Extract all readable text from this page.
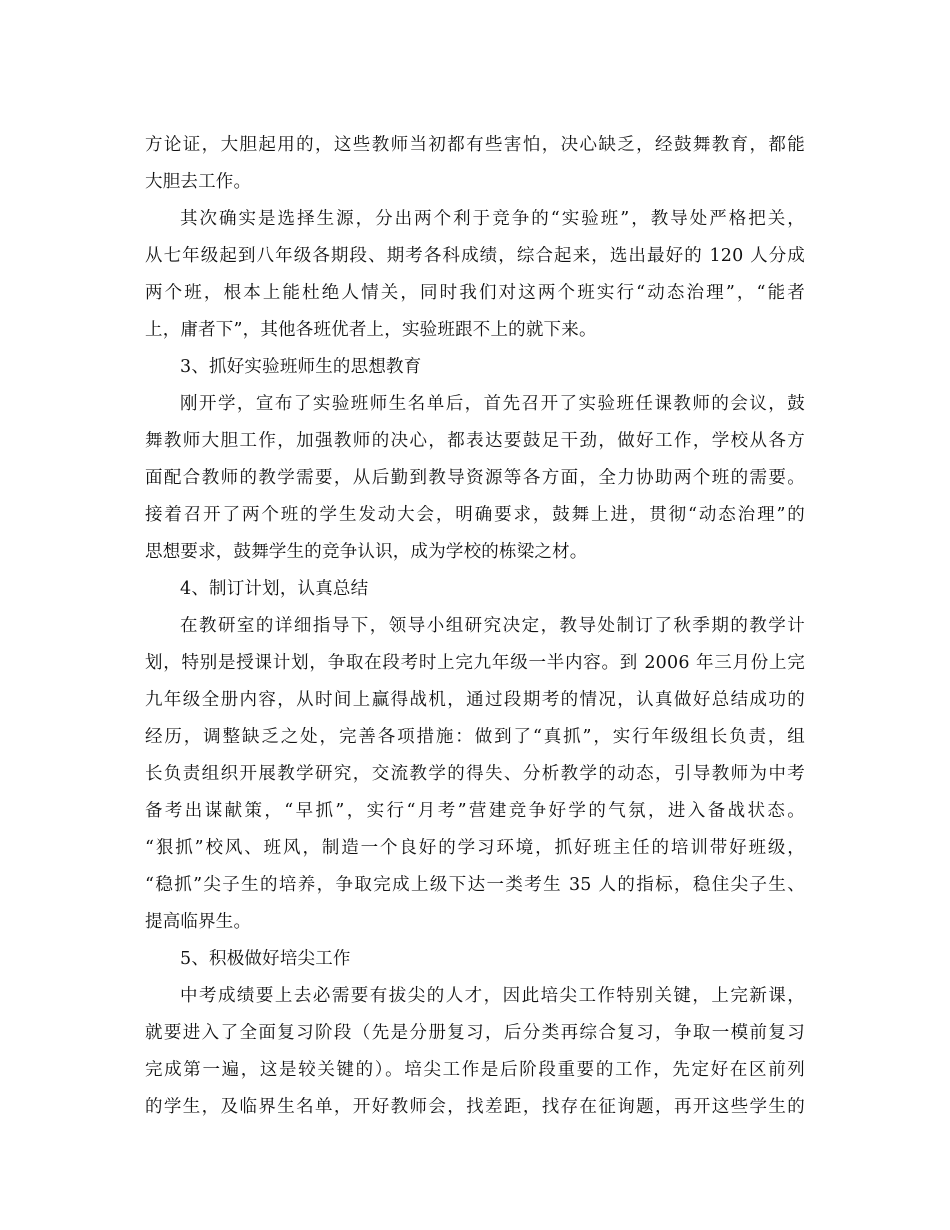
方论证，大胆起用的，这些教师当初都有些害怕，决心缺乏，经鼓舞教育，都能
大胆去工作。
其次确实是选择生源，分出两个利于竞争的“实验班”，教导处严格把关，
从七年级起到八年级各期段、期考各科成绩，综合起来，选出最好的 120 人分成
两个班，根本上能杜绝人情关，同时我们对这两个班实行“动态治理”，“能者
上，庸者下”，其他各班优者上，实验班跟不上的就下来。
3、抓好实验班师生的思想教育
刚开学，宣布了实验班师生名单后，首先召开了实验班任课教师的会议，鼓
舞教师大胆工作，加强教师的决心，都表达要鼓足干劲，做好工作，学校从各方
面配合教师的教学需要，从后勤到教导资源等各方面，全力协助两个班的需要。
接着召开了两个班的学生发动大会，明确要求，鼓舞上进，贯彻“动态治理”的
思想要求，鼓舞学生的竞争认识，成为学校的栋梁之材。
4、制订计划，认真总结
在教研室的详细指导下，领导小组研究决定，教导处制订了秋季期的教学计
划，特别是授课计划，争取在段考时上完九年级一半内容。到 2006 年三月份上完
九年级全册内容，从时间上赢得战机，通过段期考的情况，认真做好总结成功的
经历，调整缺乏之处，完善各项措施：做到了“真抓”，实行年级组长负责，组
长负责组织开展教学研究，交流教学的得失、分析教学的动态，引导教师为中考
备考出谋献策，“早抓”，实行“月考”营建竞争好学的气氛，进入备战状态。
“狠抓”校风、班风，制造一个良好的学习环境，抓好班主任的培训带好班级，
“稳抓”尖子生的培养，争取完成上级下达一类考生 35 人的指标，稳住尖子生、
提高临界生。
5、积极做好培尖工作
中考成绩要上去必需要有拔尖的人才，因此培尖工作特别关键，上完新课，
就要进入了全面复习阶段（先是分册复习，后分类再综合复习，争取一模前复习
完成第一遍，这是较关键的）。培尖工作是后阶段重要的工作，先定好在区前列
的学生，及临界生名单，开好教师会，找差距，找存在征询题，再开这些学生的
